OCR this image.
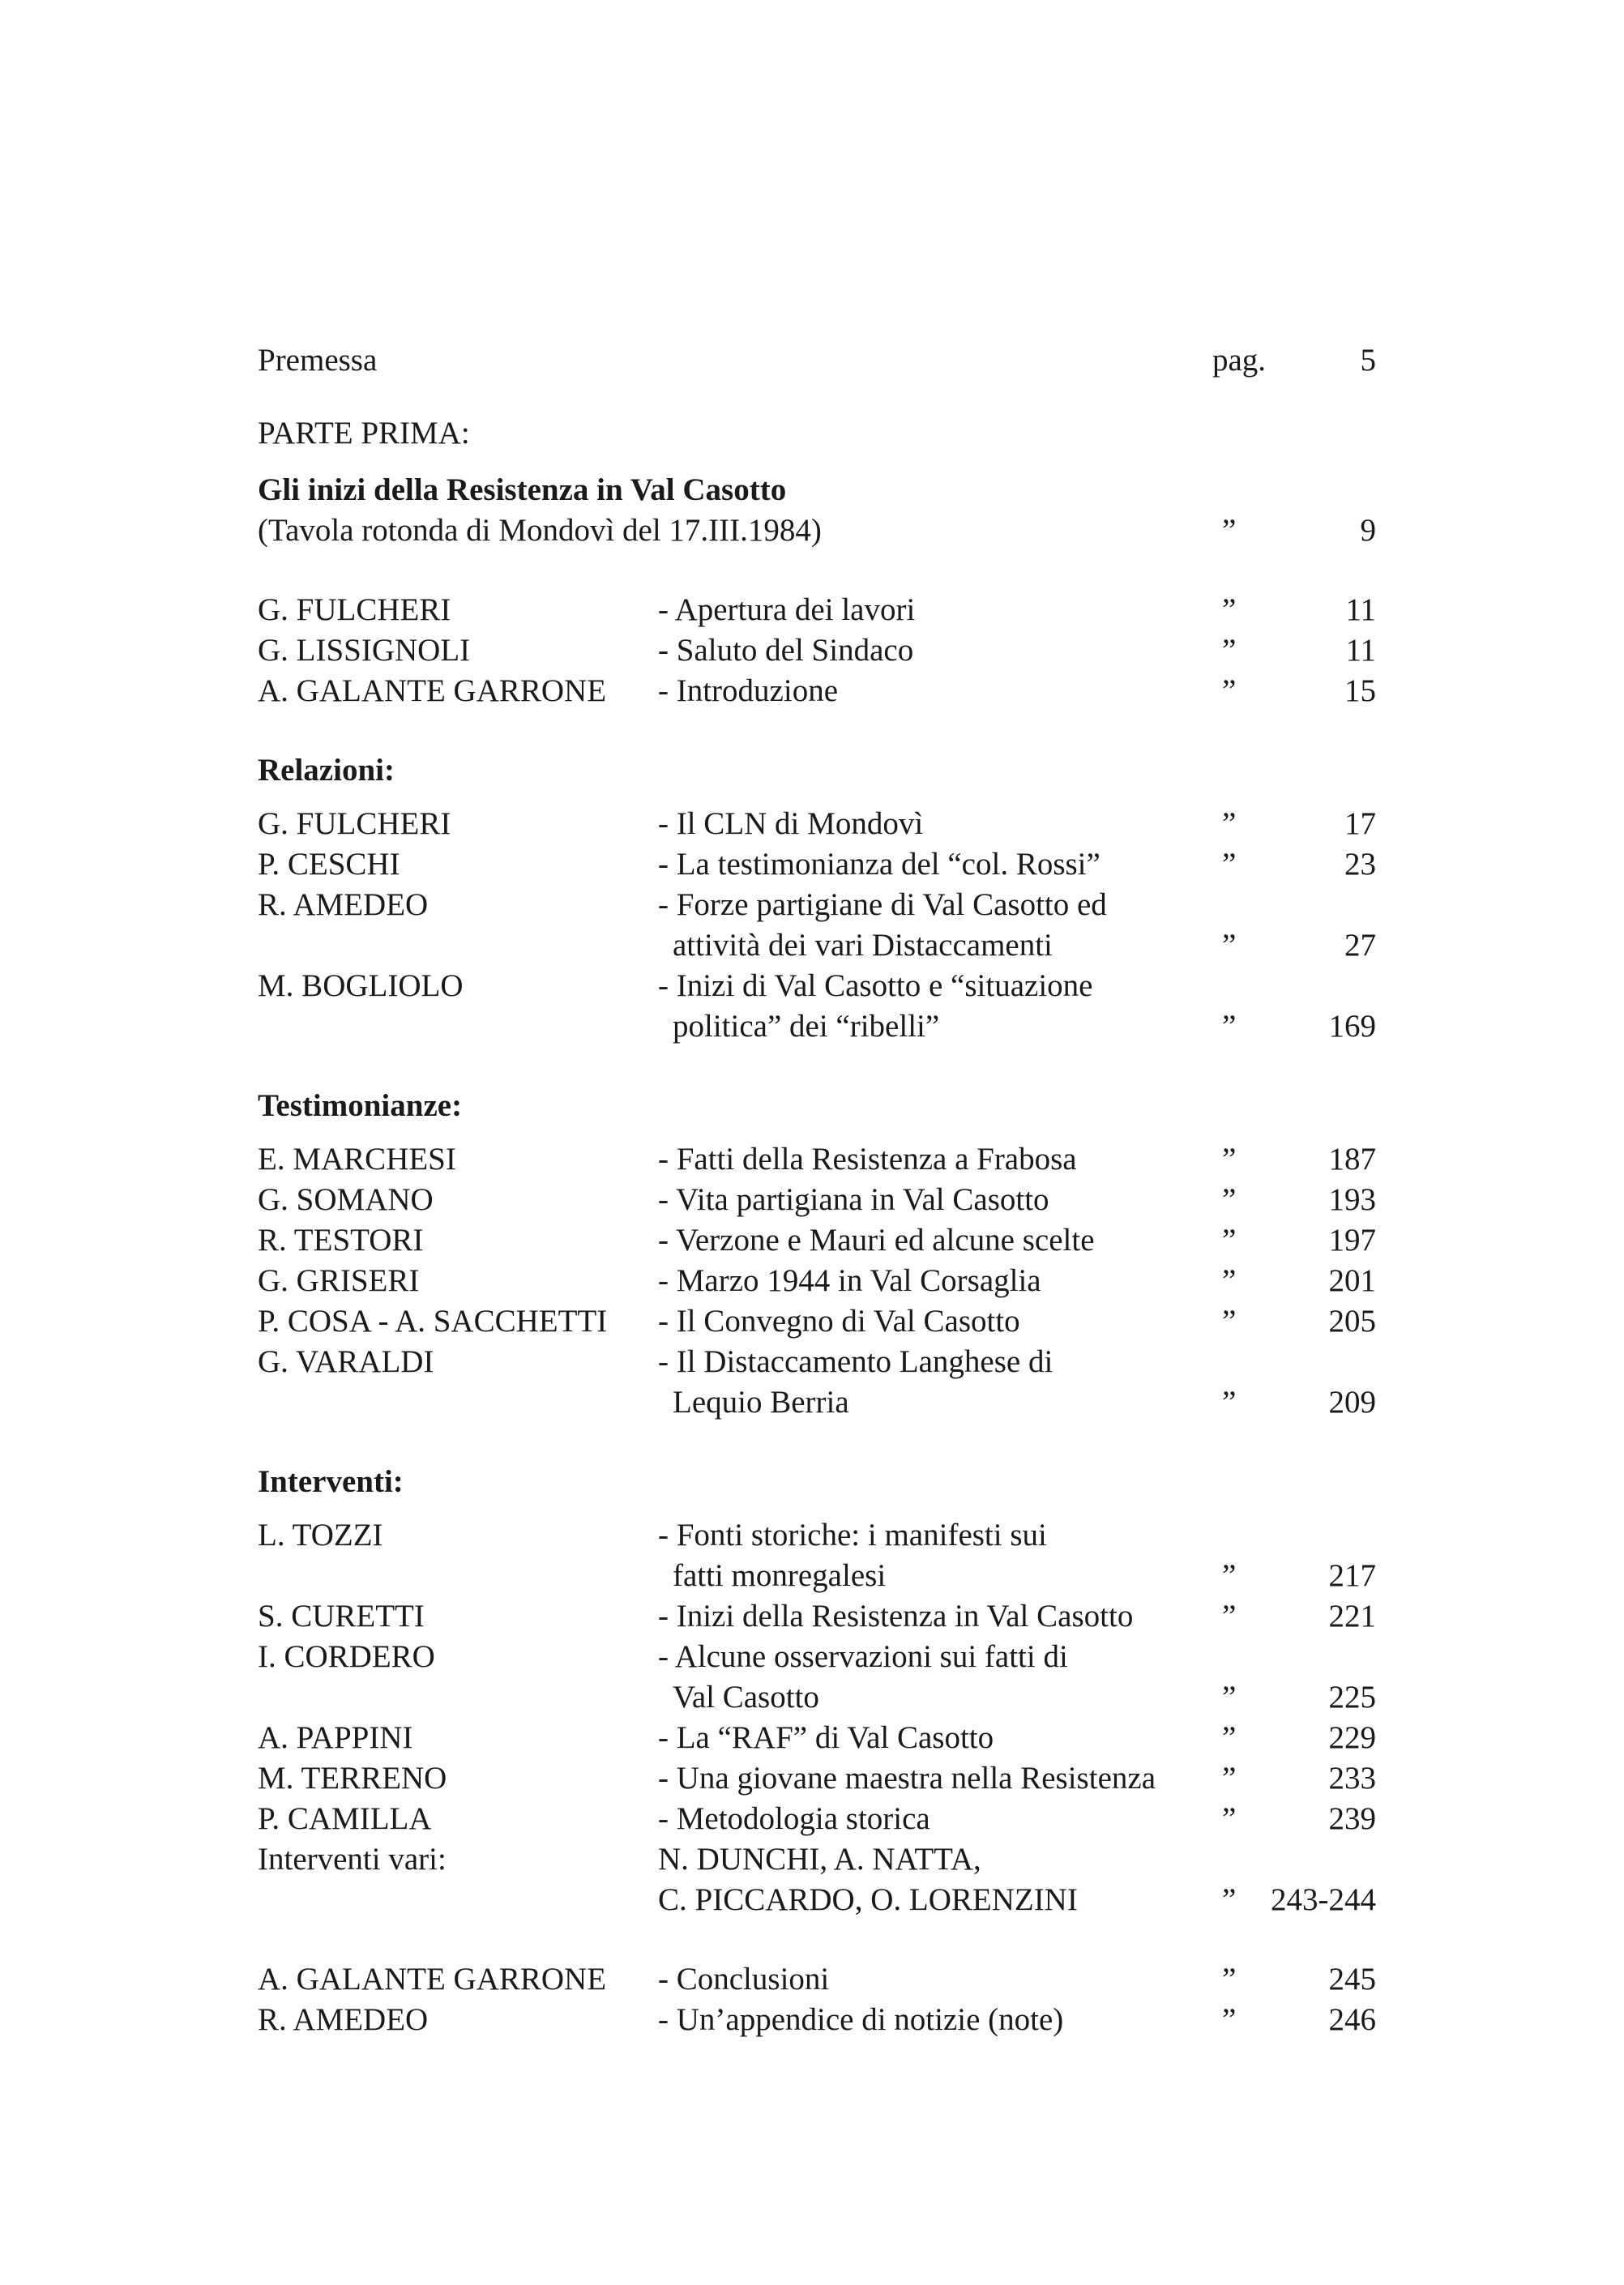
Premessa	pag.	5
PARTE PRIMA:
Gli inizi della Resistenza in Val Casotto
(Tavola rotonda di Mondovì del 17.III.1984)	”	9
G. FULCHERI	- Apertura dei lavori	”	11
G. LISSIGNOLI	- Saluto del Sindaco	”	11
A. GALANTE GARRONE - Introduzione	”	15
Relazioni:
G. FULCHERI	- Il CLN di Mondovì	”	17
P. CESCHI	- La testimonianza del “col. Rossi”	”	23
R. AMEDEO	- Forze partigiane di Val Casotto ed
attività dei vari Distaccamenti	”	27
M. BOGLIOLO	- Inizi di Val Casotto e “situazione
politica” dei “ribelli”	”	169
Testimonianze:
E. MARCHESI	- Fatti della Resistenza a Frabosa	”	187
G. SOMANO	- Vita partigiana in Val Casotto	”	193
R. TESTORI	- Verzone e Mauri ed alcune scelte	”	197
G. GRISERI	- Marzo 1944 in Val Corsaglia	”	201
P. COSA - A. SACCHETTI - Il Convegno di Val Casotto	”	205
G. VARALDI	- Il Distaccamento Langhese di
Lequio Berria	”	209
Interventi:
L. TOZZI	- Fonti storiche: i manifesti sui
fatti monregalesi	”	217
S. CURETTI	- Inizi della Resistenza in Val Casotto	”	221
I. CORDERO	- Alcune osservazioni sui fatti di
Val Casotto	”	225
A. PAPPINI	- La “RAF” di Val Casotto	”	229
M. TERRENO	- Una giovane maestra nella Resistenza ”	233
P. CAMILLA	- Metodologia storica	”	239
Interventi vari:	N. DUNCHI, A. NATTA,
C. PICCARDO, O. LORENZINI	” 243-244
A. GALANTE GARRONE - Conclusioni	”	245
R. AMEDEO	- Un’appendice di notizie (note)	”	246
